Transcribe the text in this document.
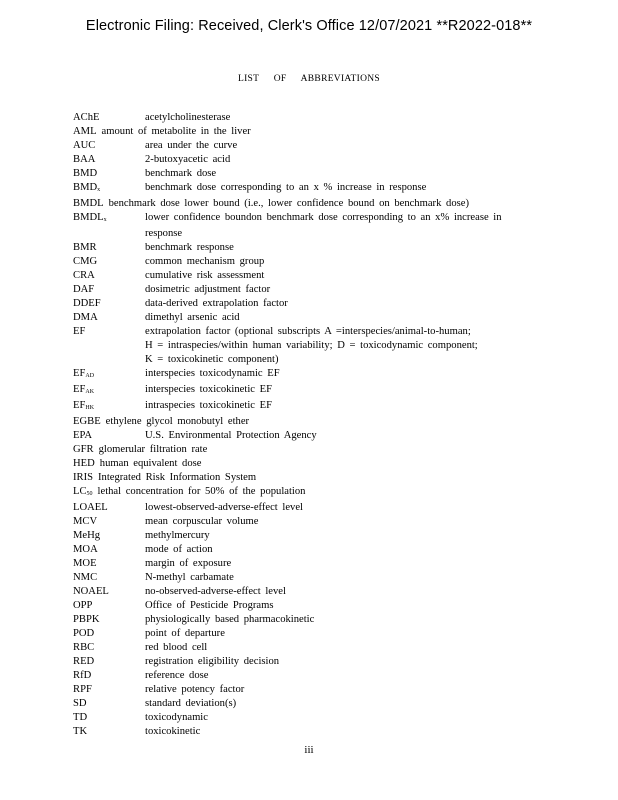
Electronic Filing: Received, Clerk's Office 12/07/2021 **R2022-018**
LIST OF ABBREVIATIONS
AChE	acetylcholinesterase
AML amount of metabolite in the liver
AUC	area under the curve
BAA	2-butoxyacetic acid
BMD	benchmark dose
$BMD_x$	benchmark dose corresponding to an x % increase in response
BMDL benchmark dose lower bound (i.e., lower confidence bound on benchmark dose)
$BMDL_x$	lower confidence boundon benchmark dose corresponding to an x% increase in
response
BMR	benchmark response
CMG	common mechanism group
CRA	cumulative risk assessment
DAF	dosimetric adjustment factor
DDEF	data-derived extrapolation factor
DMA	dimethyl arsenic acid
EF	extrapolation factor (optional subscripts A =interspecies/animal-to-human;
H = intraspecies/within human variability; D = toxicodynamic component;
K = toxicokinetic component)
$EF_{AD}$	interspecies toxicodynamic EF
$EF_{AK}$	interspecies toxicokinetic EF
$EF_{HK}$	intraspecies toxicokinetic EF
EGBE ethylene glycol monobutyl ether
EPA	U.S. Environmental Protection Agency
GFR glomerular filtration rate
HED human equivalent dose
IRIS Integrated Risk Information System
$LC_{50}$ lethal concentration for 50% of the population
LOAEL	lowest-observed-adverse-effect level
MCV	mean corpuscular volume
MeHg	methylmercury
MOA	mode of action
MOE	margin of exposure
NMC	N-methyl carbamate
NOAEL	no-observed-adverse-effect level
OPP	Office of Pesticide Programs
PBPK	physiologically based pharmacokinetic
POD	point of departure
RBC	red blood cell
RED	registration eligibility decision
RfD	reference dose
RPF	relative potency factor
SD	standard deviation(s)
TD	toxicodynamic
TK	toxicokinetic
iii
